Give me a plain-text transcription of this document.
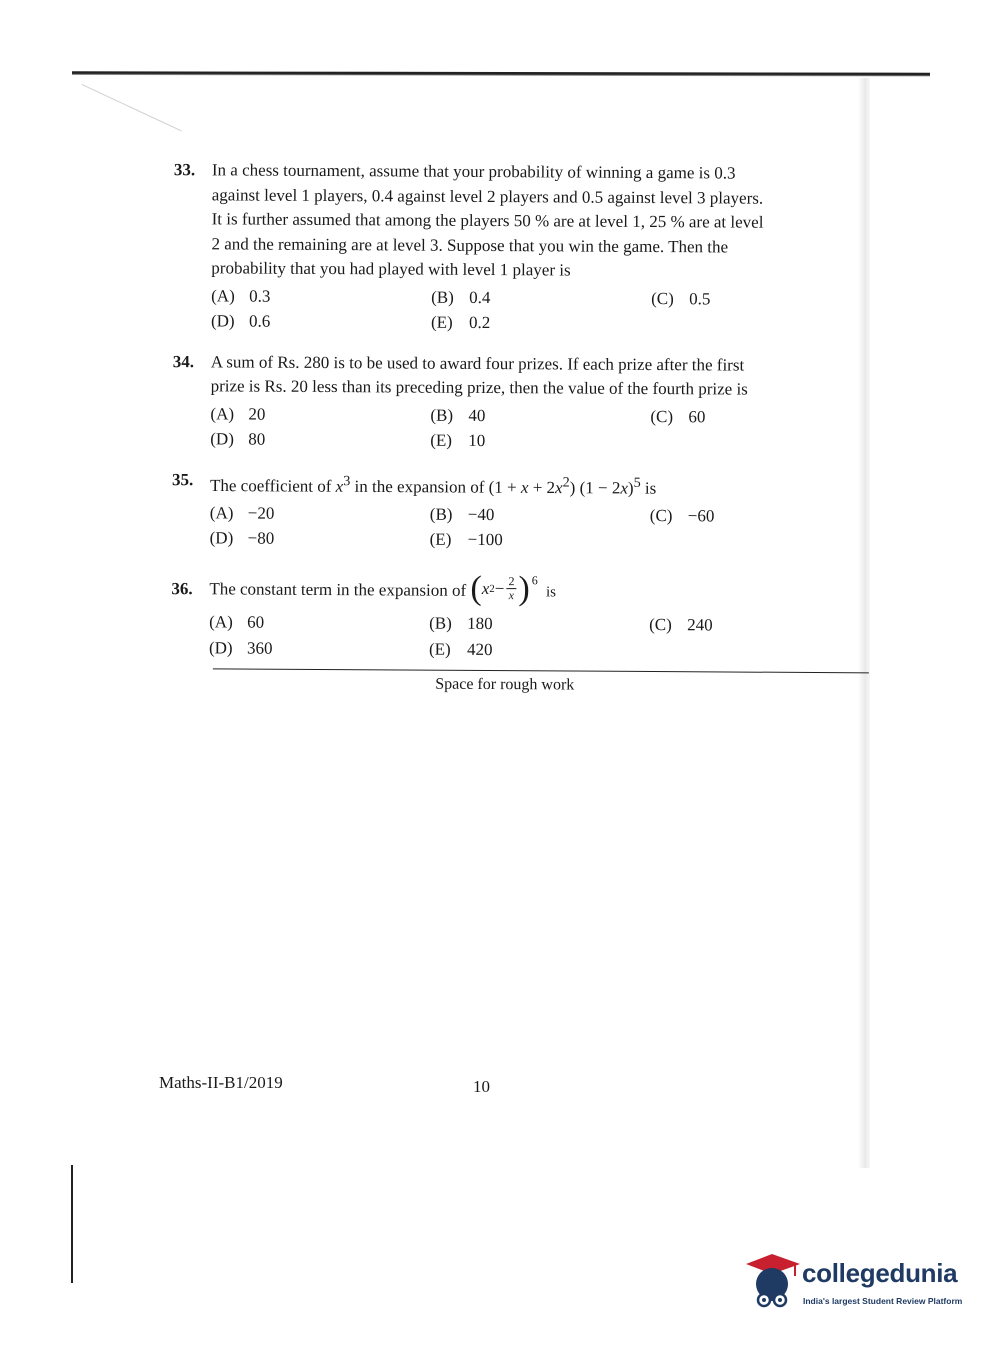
33. In a chess tournament, assume that your probability of winning a game is 0.3
against level 1 players, 0.4 against level 2 players and 0.5 against level 3 players.
It is further assumed that among the players 50 % are at level 1, 25 % are at level
2 and the remaining are at level 3. Suppose that you win the game. Then the
probability that you had played with level 1 player is
(A) 0.3	(B) 0.4	(C) 0.5
(D) 0.6	(E) 0.2
34. A sum of Rs. 280 is to be used to award four prizes. If each prize after the first
prize is Rs. 20 less than its preceding prize, then the value of the fourth prize is
(A) 20	(B) 40	(C) 60
(D) 80	(E) 10
35. The coefficient of $x^3$ in the expansion of $(1 + x + 2x^2)$ $(1 - 2x)^5$ is
(A) −20	(B) −40	(C) −60
(D) −80	(E) −100
36. The constant term in the expansion of ( x $2 - \frac{2}{x}$ ) 6
is
(A) 60	(B) 180	(C) 240
(D) 360	(E) 420
Space for rough work
Maths-II-B1/2019	10
collegedunia
India's largest Student Review Platform
